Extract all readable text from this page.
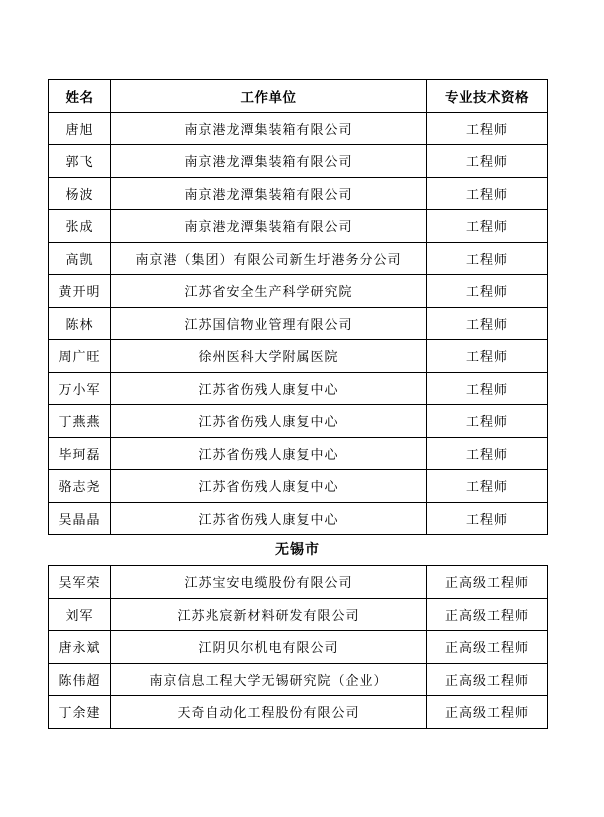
姓名	工作单位	专业技术资格
唐旭	南京港龙潭集装箱有限公司	工程师
郭飞	南京港龙潭集装箱有限公司	工程师
杨波	南京港龙潭集装箱有限公司	工程师
张成	南京港龙潭集装箱有限公司	工程师
高凯	南京港（集团）有限公司新生圩港务分公司	工程师
黄开明	江苏省安全生产科学研究院	工程师
陈林	江苏国信物业管理有限公司	工程师
周广旺	徐州医科大学附属医院	工程师
万小军	江苏省伤残人康复中心	工程师
丁燕燕	江苏省伤残人康复中心	工程师
毕珂磊	江苏省伤残人康复中心	工程师
骆志尧	江苏省伤残人康复中心	工程师
吴晶晶	江苏省伤残人康复中心	工程师
无锡市
吴军荣	江苏宝安电缆股份有限公司	正高级工程师
刘军	江苏兆宸新材料研发有限公司	正高级工程师
唐永斌	江阴贝尔机电有限公司	正高级工程师
陈伟超	南京信息工程大学无锡研究院（企业）	正高级工程师
丁余建	天奇自动化工程股份有限公司	正高级工程师
